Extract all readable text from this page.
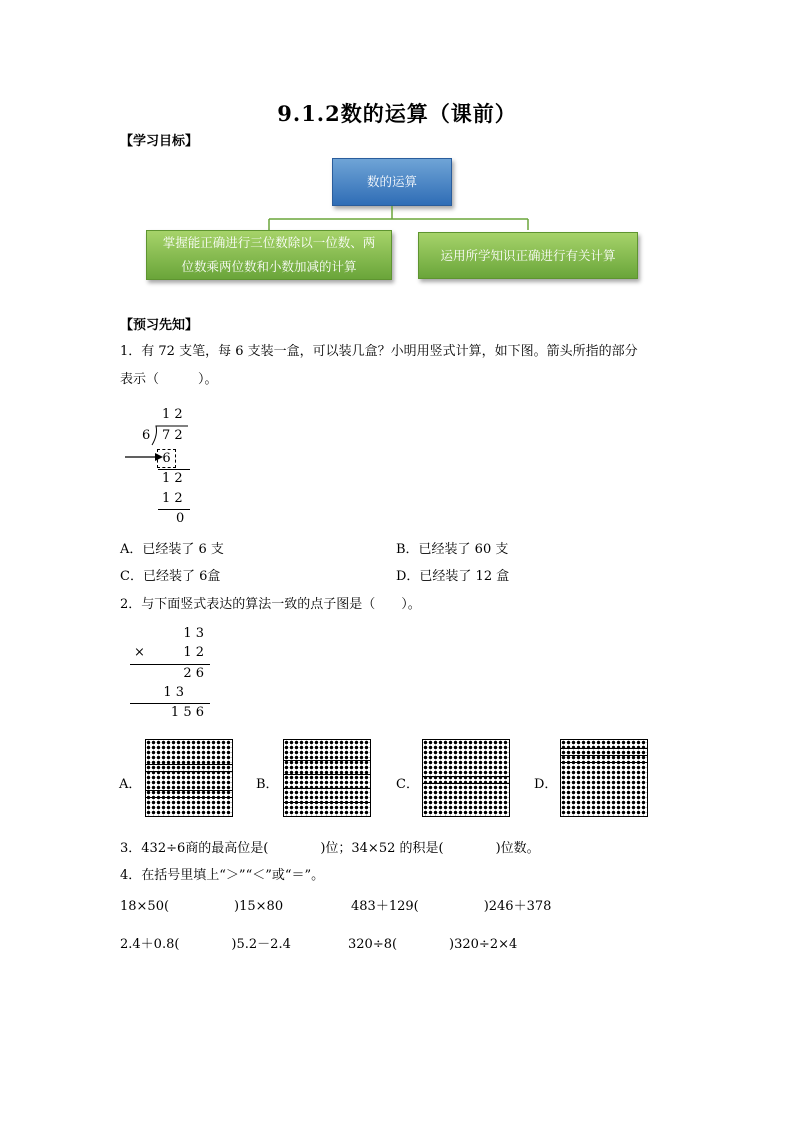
9.1.2数的运算（课前）
【学习目标】
数的运算
掌握能正确进行三位数除以一位数、两
位数乘两位数和小数加减的计算
运用所学知识正确进行有关计算
【预习先知】
1．有 72 支笔，每 6 支装一盒，可以装几盒？小明用竖式计算，如下图。箭头所指的部分
表示（　　　）。
1 2
6 7 2
6
1 2
1 2
0
A．已经装了 6 支	B．已经装了 60 支
C．已经装了 6盒	D．已经装了 12 盒
2．与下面竖式表达的算法一致的点子图是（　　）。
1 3
×	1 2
2 6
1 3
1 5 6
A．	B．	C．	D．
3．432÷6商的最高位是(　　　　)位；34×52 的积是(　　　　)位数。
4．在括号里填上“＞”“＜”或“＝”。
18×50(　　　　　)15×80	483＋129(　　　　　)246＋378
2.4＋0.8(　　　　)5.2－2.4	320÷8(　　　　)320÷2×4
